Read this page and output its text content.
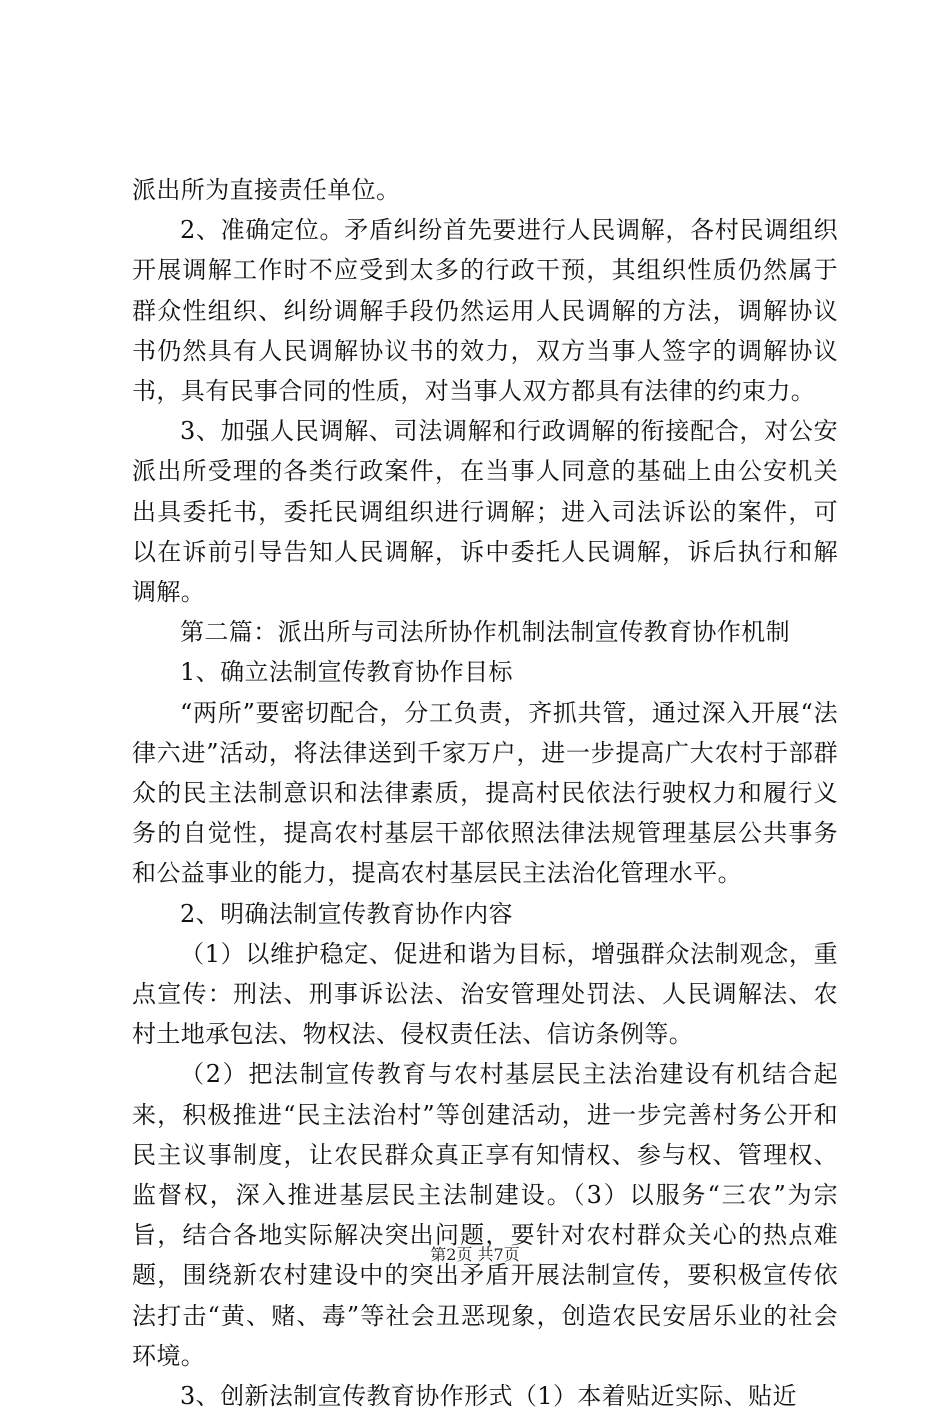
派出所为直接责任单位。

2、准确定位。矛盾纠纷首先要进行人民调解，各村民调组织开展调解工作时不应受到太多的行政干预，其组织性质仍然属于群众性组织、纠纷调解手段仍然运用人民调解的方法，调解协议书仍然具有人民调解协议书的效力，双方当事人签字的调解协议书，具有民事合同的性质，对当事人双方都具有法律的约束力。

3、加强人民调解、司法调解和行政调解的衔接配合，对公安派出所受理的各类行政案件，在当事人同意的基础上由公安机关出具委托书，委托民调组织进行调解；进入司法诉讼的案件，可以在诉前引导告知人民调解，诉中委托人民调解，诉后执行和解调解。

第二篇：派出所与司法所协作机制法制宣传教育协作机制

1、确立法制宣传教育协作目标

“两所”要密切配合，分工负责，齐抓共管，通过深入开展“法律六进”活动，将法律送到千家万户，进一步提高广大农村于部群众的民主法制意识和法律素质，提高村民依法行驶权力和履行义务的自觉性，提高农村基层干部依照法律法规管理基层公共事务和公益事业的能力，提高农村基层民主法治化管理水平。

2、明确法制宣传教育协作内容

（1）以维护稳定、促进和谐为目标，增强群众法制观念，重点宣传：刑法、刑事诉讼法、治安管理处罚法、人民调解法、农村土地承包法、物权法、侵权责任法、信访条例等。

（2）把法制宣传教育与农村基层民主法治建设有机结合起来，积极推进“民主法治村”等创建活动，进一步完善村务公开和民主议事制度，让农民群众真正享有知情权、参与权、管理权、监督权，深入推进基层民主法制建设。（3）以服务“三农”为宗旨，结合各地实际解决突出问题，要针对农村群众关心的热点难题，围绕新农村建设中的突出矛盾开展法制宣传，要积极宣传依法打击“黄、赌、毒”等社会丑恶现象，创造农民安居乐业的社会环境。

3、创新法制宣传教育协作形式（1）本着贴近实际、贴近

第2页 共7页
